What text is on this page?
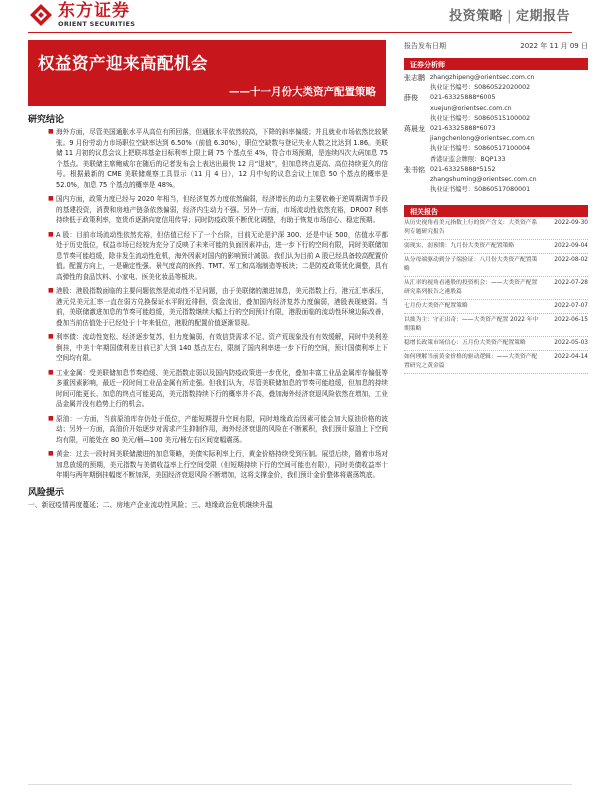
东方证券
ORIENT SECURITIES	投资策略 | 定期报告
权益资产迎来高配机会
——十一月份大类资产配置策略
报告发布日期	2022 年 11 月 09 日
证券分析师
张志鹏 zhangzhipeng@orientsec.com.cn
执业证书编号：S0860522020002
薛俊	021-63325888*6005
xuejun@orientsec.com.cn
执业证书编号：S0860515100002
蒋晨龙 021-63325888*6073
jiangchenlong@orientsec.com.cn
执业证书编号：S0860517100004
香港证监会牌照：BQP133
张书铭 021-63325888*5152
zhangshuming@orientsec.com.cn
执业证书编号：S0860517080001
相关报告
从历史视角看美元指数上行的资产含义：大类资产系列专题研究报告
2022-09-30
弱现实，弱预期：九月份大类资产配置策略	2022-09-04
从分母端驱动到分子端验证：八月份大类资产配置策略
2022-08-02
从汇率的视角看港股的投资机会：——大类资产配置研究系列报告之港股篇
2022-07-28
七月份大类资产配置策略	2022-07-07
以拙为主：守正出奇：——大类资产配置 2022 年中期策略
2022-06-15
稳增长政策市场信心：五月份大类资产配置策略	2022-05-03
如何理解当前黄金价格的驱动逻辑：——大类资产配置研究之黄金篇
2022-04-14
研究结论
■ 海外方面，尽管美国通胀水平从高位有所回落，但通胀水平依然较高，下降的斜率偏缓；并且就业市场依然比较紧张。9 月份劳动力市场职位空缺率达到 6.50%（前值 6.30%），职位空缺数与登记失业人数之比达到 1.86。美联储 11 月初的议息会议上把联邦基金目标利率上限上调 75 个基点至 4%，符合市场预期，是连续四次大码加息 75 个基点。美联储主席鲍威尔在随后的记者发布会上表达出最快 12 月“退坡”，但加息终点更高、高位持续更久的信号。根据最新的 CME 美联储观察工具显示（11 月 4 日），12 月中旬的议息会议上加息 50 个基点的概率是 52.0%，加息 75 个基点的概率是 48%。
■ 国内方面，政策力度已经与 2020 年相当，但经济复苏力度依然偏弱，经济增长的动力主要依赖于逆周期调节手段的基建投资，消费和房地产链条依然偏弱，经济内生动力不强。另外一方面，市场流动性依然充裕，DR007 利率持续低于政策利率，宽货币逐渐向宽信用传导；同时防疫政策不断优化调整，有助于恢复市场信心、稳定预期。
■ A 股：目前市场流动性依然充裕，但估值已经下了一个台阶，目前无论是沪深 300、还是中证 500，估值水平都处于历史低位，权益市场已经较为充分了反映了未来可能的负面因素冲击，进一步下行的空间有限，同时美联储加息节奏可能趋缓，除非发生流动性危机，海外因素对国内的影响预计减弱。我们认为目前 A 股已经具备较高配置价值。配置方向上，一是确定性强、景气度高的医药、TMT、军工和高端制造等板块；二是防疫政策优化调整，具有高弹性的食品饮料、小家电、医美化妆品等板块。
■ 港股：港股指数面临的主要问题依然是流动性不足问题，由于美联储的激进加息，美元指数上行，港元汇率承压，港元兑美元汇率一直在弱方兑换保证水平附近徘徊，资金流出，叠加国内经济复苏力度偏弱，港股表现疲弱。当前，美联储激进加息的节奏可能趋缓，美元指数继续大幅上行的空间预计有限，港股面临的流动性环境边际改善，叠加当前估值处于已经处于十年来低位，港股的配置价值逐渐显现。
■ 利率债：流动性宽松、经济逐步复苏，但力度偏弱，有效信贷需求不足、资产荒现象没有有效缓解，同时中美利差倒挂，中美十年期国债利差目前已扩大到 140 基点左右，限制了国内利率进一步下行的空间，预计国债利率上下空间均有限。
■ 工业金属：受美联储加息节奏趋缓、美元指数走弱以及国内防疫政策进一步优化，叠加丰富工业品金属库存偏低等多重因素影响，最近一段时间工业品金属有所走强。但我们认为，尽管美联储加息的节奏可能趋缓，但加息的持续时间可能更长、加息的终点可能更高，美元指数持续下行的概率并不高，叠加海外经济衰退风险依然在增加，工业品金属并没有趋势上行的机会。
■ 原油：一方面，当前原油库存仍处于低位，产能短期提升空间有限，同时地缘政治因素可能会加大原油价格的波动；另外一方面，高油价开始逐步对需求产生抑制作用，海外经济衰退的风险在不断累积，我们预计原油上下空间均有限，可能处在 80 美元/桶—100 美元/桶左右区间宽幅震荡。
■ 黄金：过去一段时间美联储激进的加息策略，美债实际利率上行，黄金价格持续受到压制。展望后续，随着市场对加息放缓的预期，美元指数与美债收益率上行空间受限（但短期持续下行的空间可能也有限），同时美债收益率十年期与两年期倒挂幅度不断加深，美国经济衰退风险不断增加，这将支撑金价，我们预计金价整体将震荡筑底。
风险提示
一、新冠疫情再度蔓延；二、房地产企业流动性风险；三、地缘政治危机继续升温
